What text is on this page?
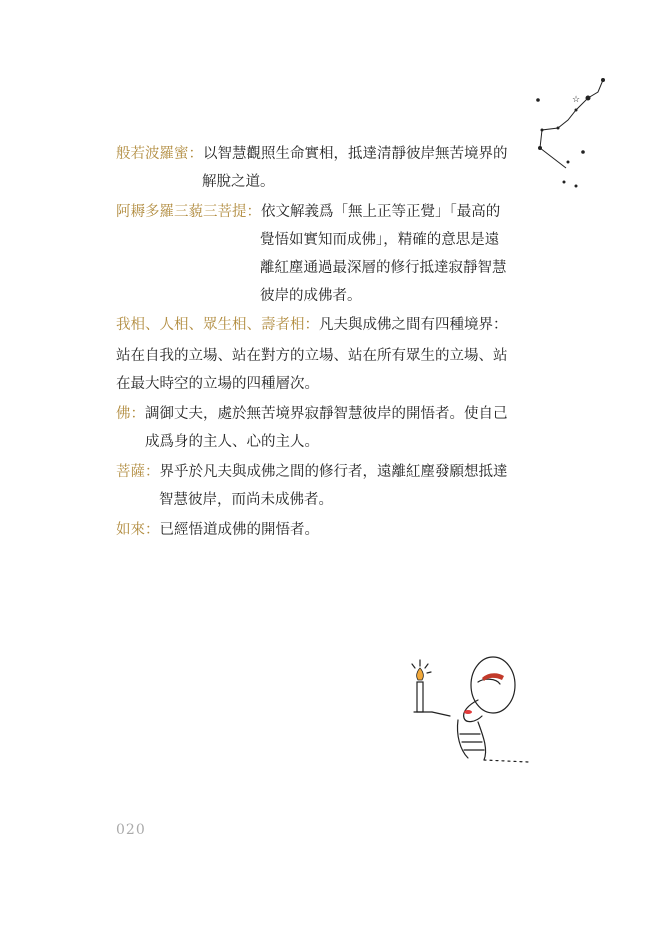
☆
般若波羅蜜：以智慧觀照生命實相，抵達清靜彼岸無苦境界的
解脫之道。
阿耨多羅三藐三菩提：依文解義爲「無上正等正覺」「最高的
覺悟如實知而成佛」，精確的意思是遠
離紅塵通過最深層的修行抵達寂靜智慧
彼岸的成佛者。
我相、人相、眾生相、壽者相：凡夫與成佛之間有四種境界：
站在自我的立場、站在對方的立場、站在所有眾生的立場、站
在最大時空的立場的四種層次。
佛：調御丈夫，處於無苦境界寂靜智慧彼岸的開悟者。使自己
成爲身的主人、心的主人。
菩薩：界乎於凡夫與成佛之間的修行者，遠離紅塵發願想抵達
智慧彼岸，而尚未成佛者。
如來：已經悟道成佛的開悟者。
020
